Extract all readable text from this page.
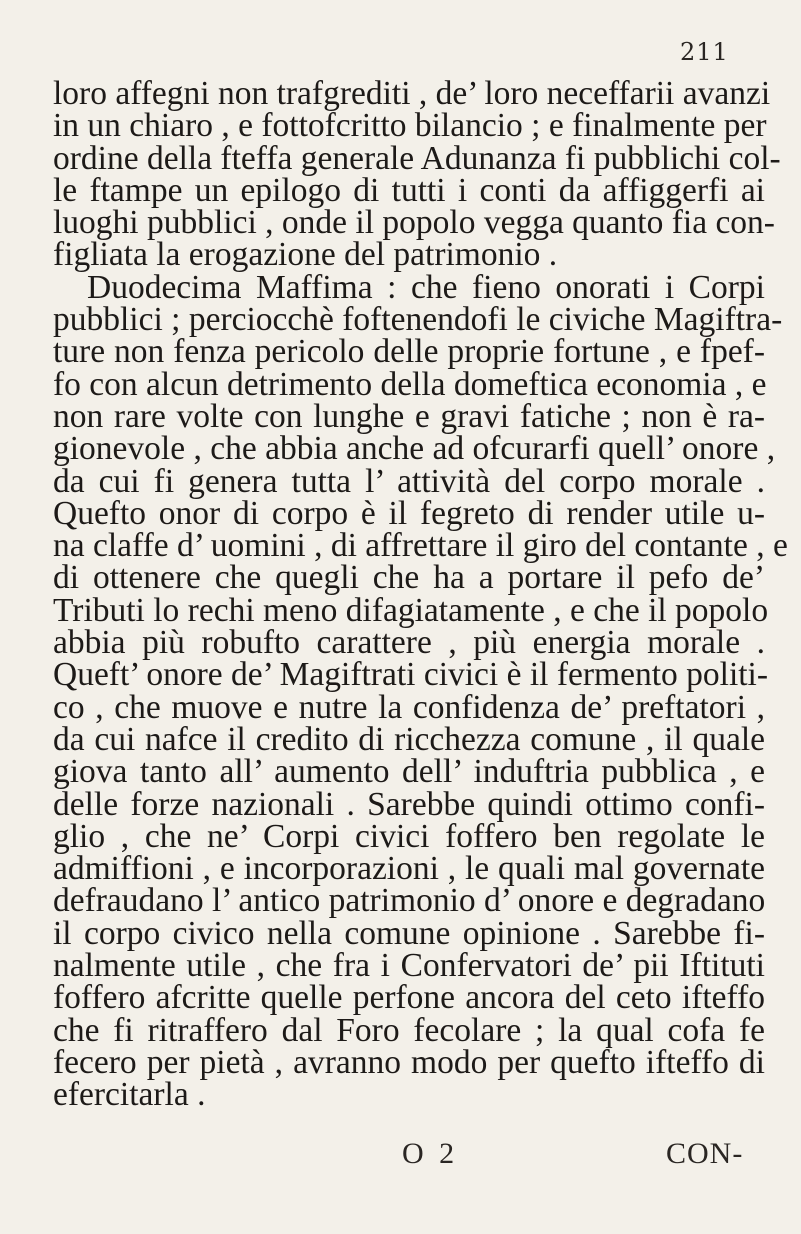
211
loro affegni non trafgrediti , de’ loro neceffarii avanzi
in un chiaro , e fottofcritto bilancio ; e finalmente per
ordine della fteffa generale Adunanza fi pubblichi col-
le ftampe un epilogo di tutti i conti da affiggerfi ai
luoghi pubblici , onde il popolo vegga quanto fia con-
figliata la erogazione del patrimonio .
Duodecima Maffima : che fieno onorati i Corpi
pubblici ; perciocchè foftenendofi le civiche Magiftra-
ture non fenza pericolo delle proprie fortune , e fpef-
fo con alcun detrimento della domeftica economia , e
non rare volte con lunghe e gravi fatiche ; non è ra-
gionevole , che abbia anche ad ofcurarfi quell’ onore ,
da cui fi genera tutta l’ attività del corpo morale .
Quefto onor di corpo è il fegreto di render utile u-
na claffe d’ uomini , di affrettare il giro del contante , e
di ottenere che quegli che ha a portare il pefo de’
Tributi lo rechi meno difagiatamente , e che il popolo
abbia più robufto carattere , più energia morale .
Queft’ onore de’ Magiftrati civici è il fermento politi-
co , che muove e nutre la confidenza de’ preftatori ,
da cui nafce il credito di ricchezza comune , il quale
giova tanto all’ aumento dell’ induftria pubblica , e
delle forze nazionali . Sarebbe quindi ottimo confi-
glio , che ne’ Corpi civici foffero ben regolate le
admiffioni , e incorporazioni , le quali mal governate
defraudano l’ antico patrimonio d’ onore e degradano
il corpo civico nella comune opinione . Sarebbe fi-
nalmente utile , che fra i Confervatori de’ pii Iftituti
foffero afcritte quelle perfone ancora del ceto ifteffo
che fi ritraffero dal Foro fecolare ; la qual cofa fe
fecero per pietà , avranno modo per quefto ifteffo di
efercitarla .
O 2	CON-
